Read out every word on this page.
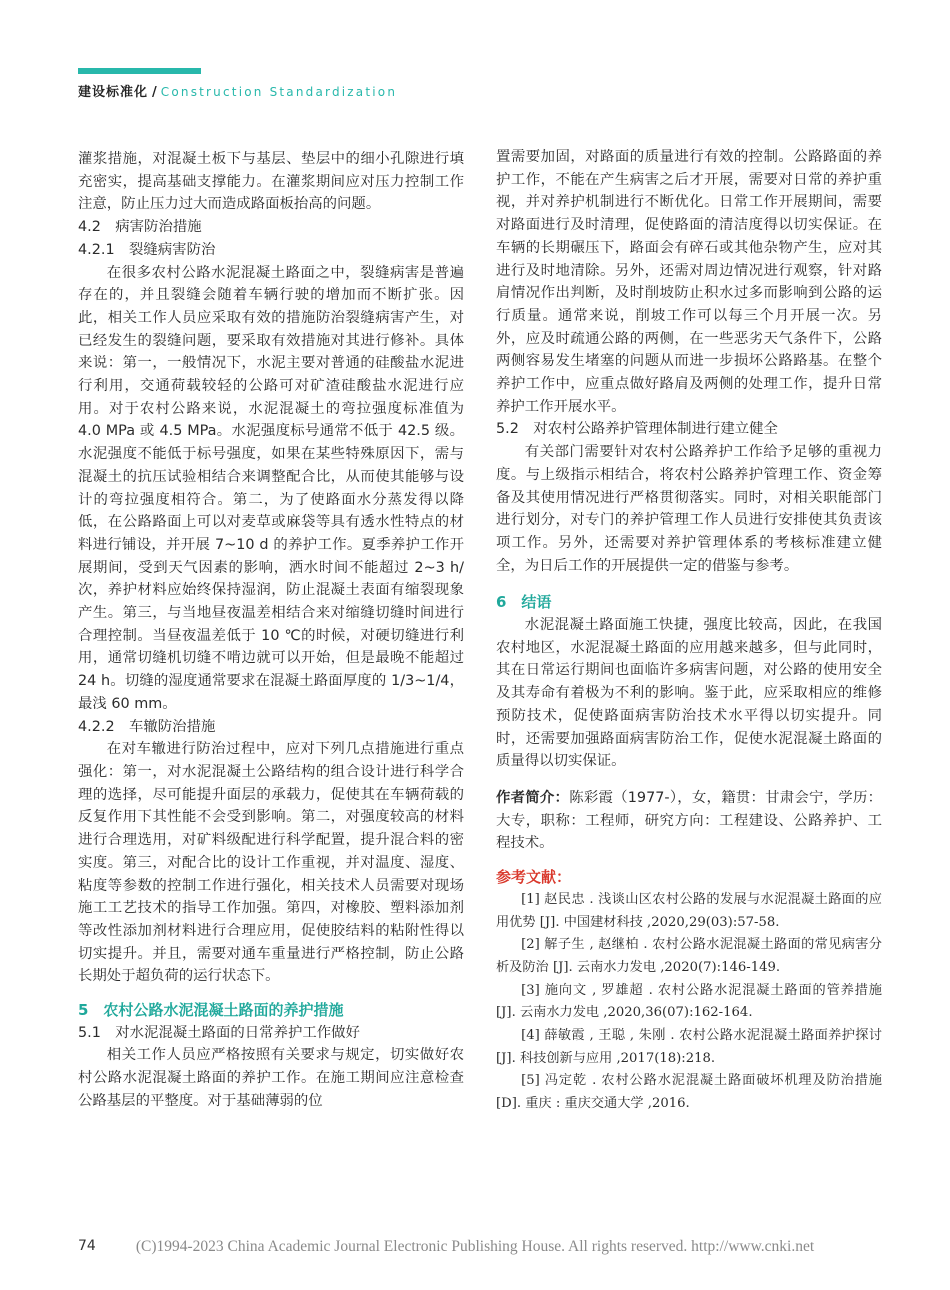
建设标准化 / Construction Standardization

灌浆措施，对混凝土板下与基层、垫层中的细小孔隙进行填充密实，提高基础支撑能力。在灌浆期间应对压力控制工作注意，防止压力过大而造成路面板抬高的问题。

4.2　病害防治措施

4.2.1　裂缝病害防治

在很多农村公路水泥混凝土路面之中，裂缝病害是普遍存在的，并且裂缝会随着车辆行驶的增加而不断扩张。因此，相关工作人员应采取有效的措施防治裂缝病害产生，对已经发生的裂缝问题，要采取有效措施对其进行修补。具体来说：第一，一般情况下，水泥主要对普通的硅酸盐水泥进行利用，交通荷载较轻的公路可对矿渣硅酸盐水泥进行应用。对于农村公路来说，水泥混凝土的弯拉强度标准值为 4.0 MPa 或 4.5 MPa。水泥强度标号通常不低于 42.5 级。水泥强度不能低于标号强度，如果在某些特殊原因下，需与混凝土的抗压试验相结合来调整配合比，从而使其能够与设计的弯拉强度相符合。第二，为了使路面水分蒸发得以降低，在公路路面上可以对麦草或麻袋等具有透水性特点的材料进行铺设，并开展 7~10 d 的养护工作。夏季养护工作开展期间，受到天气因素的影响，洒水时间不能超过 2~3 h/ 次，养护材料应始终保持湿润，防止混凝土表面有缩裂现象产生。第三，与当地昼夜温差相结合来对缩缝切缝时间进行合理控制。当昼夜温差低于 10 ℃的时候，对硬切缝进行利用，通常切缝机切缝不啃边就可以开始，但是最晚不能超过 24 h。切缝的湿度通常要求在混凝土路面厚度的 1/3~1/4，最浅 60 mm。

4.2.2　车辙防治措施

在对车辙进行防治过程中，应对下列几点措施进行重点强化：第一，对水泥混凝土公路结构的组合设计进行科学合理的选择，尽可能提升面层的承载力，促使其在车辆荷载的反复作用下其性能不会受到影响。第二，对强度较高的材料进行合理选用，对矿料级配进行科学配置，提升混合料的密实度。第三，对配合比的设计工作重视，并对温度、湿度、粘度等参数的控制工作进行强化，相关技术人员需要对现场施工工艺技术的指导工作加强。第四，对橡胶、塑料添加剂等改性添加剂材料进行合理应用，促使胶结料的粘附性得以切实提升。并且，需要对通车重量进行严格控制，防止公路长期处于超负荷的运行状态下。

5　农村公路水泥混凝土路面的养护措施

5.1　对水泥混凝土路面的日常养护工作做好

相关工作人员应严格按照有关要求与规定，切实做好农村公路水泥混凝土路面的养护工作。在施工期间应注意检查公路基层的平整度。对于基础薄弱的位

置需要加固，对路面的质量进行有效的控制。公路路面的养护工作，不能在产生病害之后才开展，需要对日常的养护重视，并对养护机制进行不断优化。日常工作开展期间，需要对路面进行及时清理，促使路面的清洁度得以切实保证。在车辆的长期碾压下，路面会有碎石或其他杂物产生，应对其进行及时地清除。另外，还需对周边情况进行观察，针对路肩情况作出判断，及时削坡防止积水过多而影响到公路的运行质量。通常来说，削坡工作可以每三个月开展一次。另外，应及时疏通公路的两侧，在一些恶劣天气条件下，公路两侧容易发生堵塞的问题从而进一步损坏公路路基。在整个养护工作中，应重点做好路肩及两侧的处理工作，提升日常养护工作开展水平。

5.2　对农村公路养护管理体制进行建立健全

有关部门需要针对农村公路养护工作给予足够的重视力度。与上级指示相结合，将农村公路养护管理工作、资金筹备及其使用情况进行严格贯彻落实。同时，对相关职能部门进行划分，对专门的养护管理工作人员进行安排使其负责该项工作。另外，还需要对养护管理体系的考核标准建立健全，为日后工作的开展提供一定的借鉴与参考。

6　结语

水泥混凝土路面施工快捷，强度比较高，因此，在我国农村地区，水泥混凝土路面的应用越来越多，但与此同时，其在日常运行期间也面临许多病害问题，对公路的使用安全及其寿命有着极为不利的影响。鉴于此，应采取相应的维修预防技术，促使路面病害防治技术水平得以切实提升。同时，还需要加强路面病害防治工作，促使水泥混凝土路面的质量得以切实保证。

作者简介：陈彩霞（1977-），女，籍贯：甘肃会宁，学历：大专，职称：工程师，研究方向：工程建设、公路养护、工程技术。

参考文献：

[1] 赵民忠 . 浅谈山区农村公路的发展与水泥混凝土路面的应用优势 [J]. 中国建材科技 ,2020,29(03):57-58.

[2] 解子生 , 赵继柏 . 农村公路水泥混凝土路面的常见病害分析及防治 [J]. 云南水力发电 ,2020(7):146-149.

[3] 施向文 , 罗雄超 . 农村公路水泥混凝土路面的管养措施 [J]. 云南水力发电 ,2020,36(07):162-164.

[4] 薛敏霞 , 王聪 , 朱刚 . 农村公路水泥混凝土路面养护探讨 [J]. 科技创新与应用 ,2017(18):218.

[5] 冯定乾 . 农村公路水泥混凝土路面破坏机理及防治措施 [D]. 重庆 : 重庆交通大学 ,2016.

74	(C)1994-2023 China Academic Journal Electronic Publishing House. All rights reserved. http://www.cnki.net
